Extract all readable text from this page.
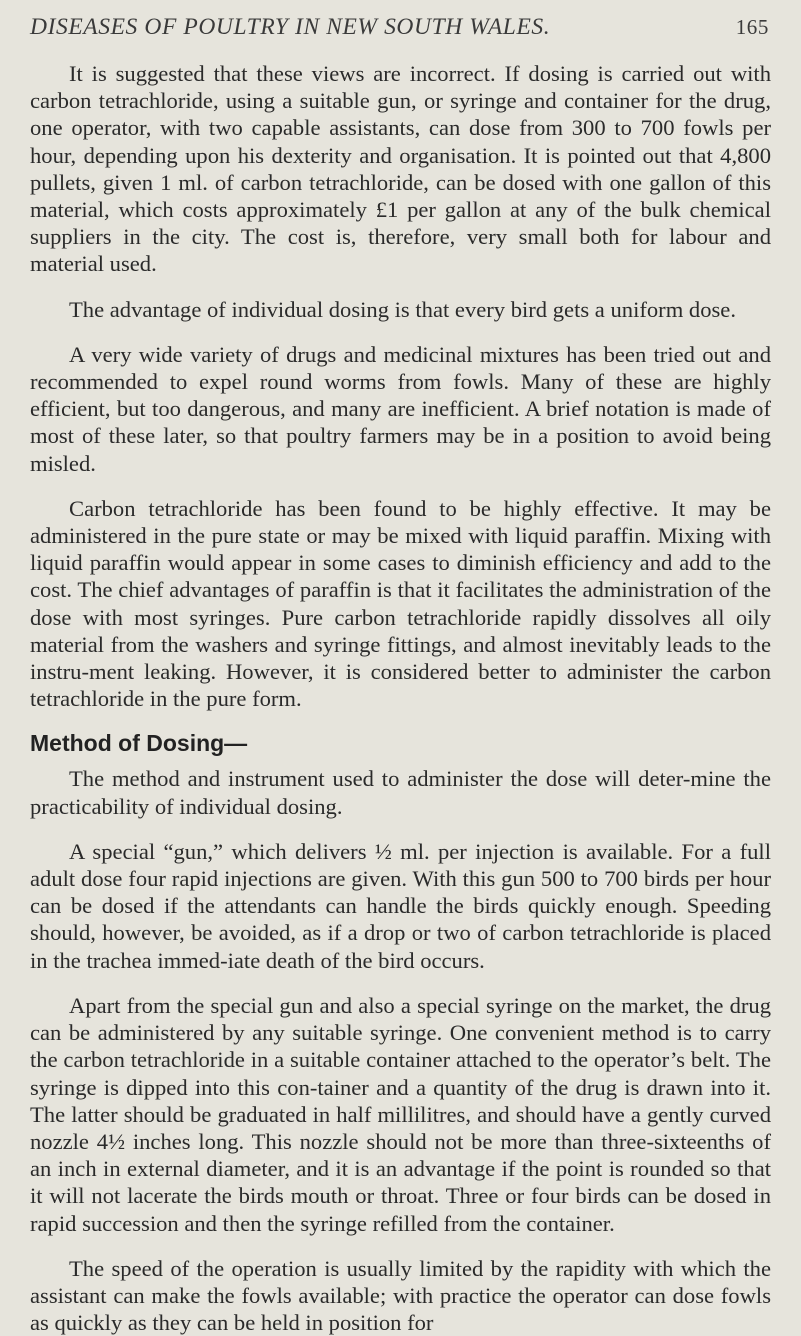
DISEASES OF POULTRY IN NEW SOUTH WALES.	165

It is suggested that these views are incorrect. If dosing is carried out with carbon tetrachloride, using a suitable gun, or syringe and container for the drug, one operator, with two capable assistants, can dose from 300 to 700 fowls per hour, depending upon his dexterity and organisation. It is pointed out that 4,800 pullets, given 1 ml. of carbon tetrachloride, can be dosed with one gallon of this material, which costs approximately £1 per gallon at any of the bulk chemical suppliers in the city. The cost is, therefore, very small both for labour and material used.

The advantage of individual dosing is that every bird gets a uniform dose.

A very wide variety of drugs and medicinal mixtures has been tried out and recommended to expel round worms from fowls. Many of these are highly efficient, but too dangerous, and many are inefficient. A brief notation is made of most of these later, so that poultry farmers may be in a position to avoid being misled.

Carbon tetrachloride has been found to be highly effective. It may be administered in the pure state or may be mixed with liquid paraffin. Mixing with liquid paraffin would appear in some cases to diminish efficiency and add to the cost. The chief advantages of paraffin is that it facilitates the administration of the dose with most syringes. Pure carbon tetrachloride rapidly dissolves all oily material from the washers and syringe fittings, and almost inevitably leads to the instru-ment leaking. However, it is considered better to administer the carbon tetrachloride in the pure form.

Method of Dosing—

The method and instrument used to administer the dose will deter-mine the practicability of individual dosing.

A special “gun,” which delivers ½ ml. per injection is available. For a full adult dose four rapid injections are given. With this gun 500 to 700 birds per hour can be dosed if the attendants can handle the birds quickly enough. Speeding should, however, be avoided, as if a drop or two of carbon tetrachloride is placed in the trachea immed-iate death of the bird occurs.

Apart from the special gun and also a special syringe on the market, the drug can be administered by any suitable syringe. One convenient method is to carry the carbon tetrachloride in a suitable container attached to the operator’s belt. The syringe is dipped into this con-tainer and a quantity of the drug is drawn into it. The latter should be graduated in half millilitres, and should have a gently curved nozzle 4½ inches long. This nozzle should not be more than three-sixteenths of an inch in external diameter, and it is an advantage if the point is rounded so that it will not lacerate the birds mouth or throat. Three or four birds can be dosed in rapid succession and then the syringe refilled from the container.

The speed of the operation is usually limited by the rapidity with which the assistant can make the fowls available; with practice the operator can dose fowls as quickly as they can be held in position for
